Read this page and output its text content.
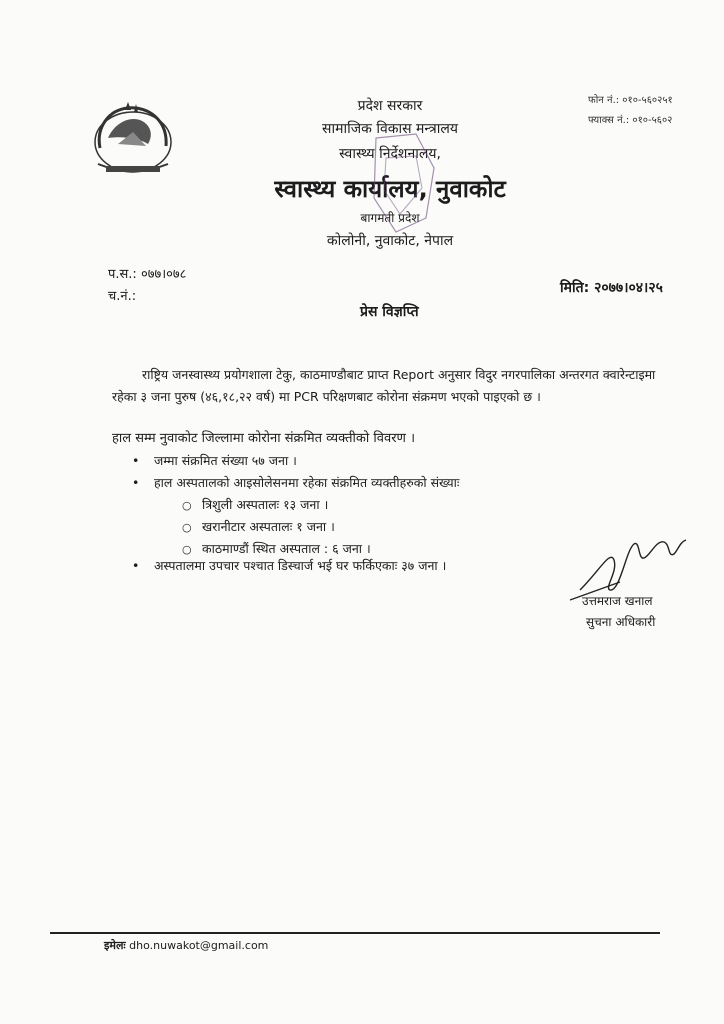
प्रदेश सरकार
सामाजिक विकास मन्त्रालय
स्वास्थ्य निर्देशनालय,
स्वास्थ्य कार्यालय, नुवाकोट
बागमती प्रदेश
कोलोनी, नुवाकोट, नेपाल
फोन नं.: ०१०-५६०२५१
फ्याक्स नं.: ०१०-५६०२
प.स.: ०७७।०७८
च.नं.:
मिति: २०७७।०४।२५
प्रेस विज्ञप्ति
राष्ट्रिय जनस्वास्थ्य प्रयोगशाला टेकु, काठमाण्डौबाट प्राप्त Report अनुसार विदुर नगरपालिका अन्तरगत क्वारेन्टाइमा रहेका ३ जना पुरुष (४६,१८,२२ वर्ष) मा PCR परिक्षणबाट कोरोना संक्रमण भएको पाइएको छ ।
हाल सम्म नुवाकोट जिल्लामा कोरोना संक्रमित व्यक्तीको विवरण ।
• जम्मा संक्रमित संख्या ५७ जना ।
• हाल अस्पतालको आइसोलेसनमा रहेका संक्रमित व्यक्तीहरुको संख्याः
○ त्रिशुली अस्पतालः १३ जना ।
○ खरानीटार अस्पतालः १ जना ।
○ काठमाण्डौं स्थित अस्पताल : ६ जना ।
• अस्पतालमा उपचार पश्चात डिस्चार्ज भई घर फर्किएकाः ३७ जना ।
उत्तमराज खनाल
सुचना अधिकारी
इमेलः dho.nuwakot@gmail.com
